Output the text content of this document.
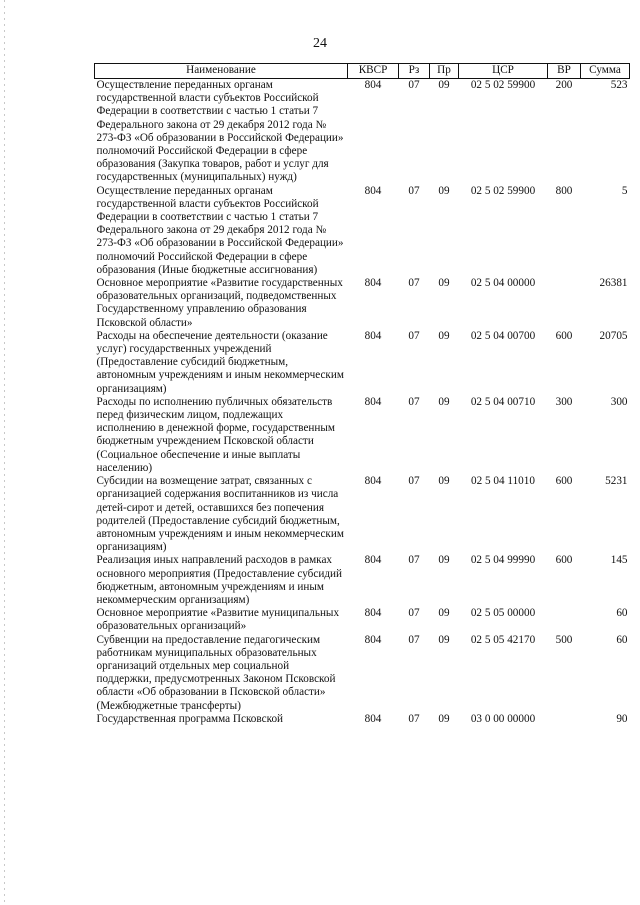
24
Наименование	КВСР	Рз	Пр	ЦСР	ВР	Сумма
Осуществление переданных органам государственной власти субъектов Российской Федерации в соответствии с частью 1 статьи 7 Федерального закона от 29 декабря 2012 года № 273-ФЗ «Об образовании в Российской Федерации» полномочий Российской Федерации в сфере образования (Закупка товаров, работ и услуг для государственных (муниципальных) нужд)	804	07	09	02 5 02 59900	200	523
Осуществление переданных органам государственной власти субъектов Российской Федерации в соответствии с частью 1 статьи 7 Федерального закона от 29 декабря 2012 года № 273-ФЗ «Об образовании в Российской Федерации» полномочий Российской Федерации в сфере образования (Иные бюджетные ассигнования)	804	07	09	02 5 02 59900	800	5
Основное мероприятие «Развитие государственных образовательных организаций, подведомственных Государственному управлению образования Псковской области»	804	07	09	02 5 04 00000		26381
Расходы на обеспечение деятельности (оказание услуг) государственных учреждений (Предоставление субсидий бюджетным, автономным учреждениям и иным некоммерческим организациям)	804	07	09	02 5 04 00700	600	20705
Расходы по исполнению публичных обязательств перед физическим лицом, подлежащих исполнению в денежной форме, государственным бюджетным учреждением Псковской области (Социальное обеспечение и иные выплаты населению)	804	07	09	02 5 04 00710	300	300
Субсидии на возмещение затрат, связанных с организацией содержания воспитанников из числа детей-сирот и детей, оставшихся без попечения родителей (Предоставление субсидий бюджетным, автономным учреждениям и иным некоммерческим организациям)	804	07	09	02 5 04 11010	600	5231
Реализация иных направлений расходов в рамках основного мероприятия (Предоставление субсидий бюджетным, автономным учреждениям и иным некоммерческим организациям)	804	07	09	02 5 04 99990	600	145
Основное мероприятие «Развитие муниципальных образовательных организаций»	804	07	09	02 5 05 00000		60
Субвенции на предоставление педагогическим работникам муниципальных образовательных организаций отдельных мер социальной поддержки, предусмотренных Законом Псковской области «Об образовании в Псковской области» (Межбюджетные трансферты)	804	07	09	02 5 05 42170	500	60
Государственная программа Псковской	804	07	09	03 0 00 00000		90
